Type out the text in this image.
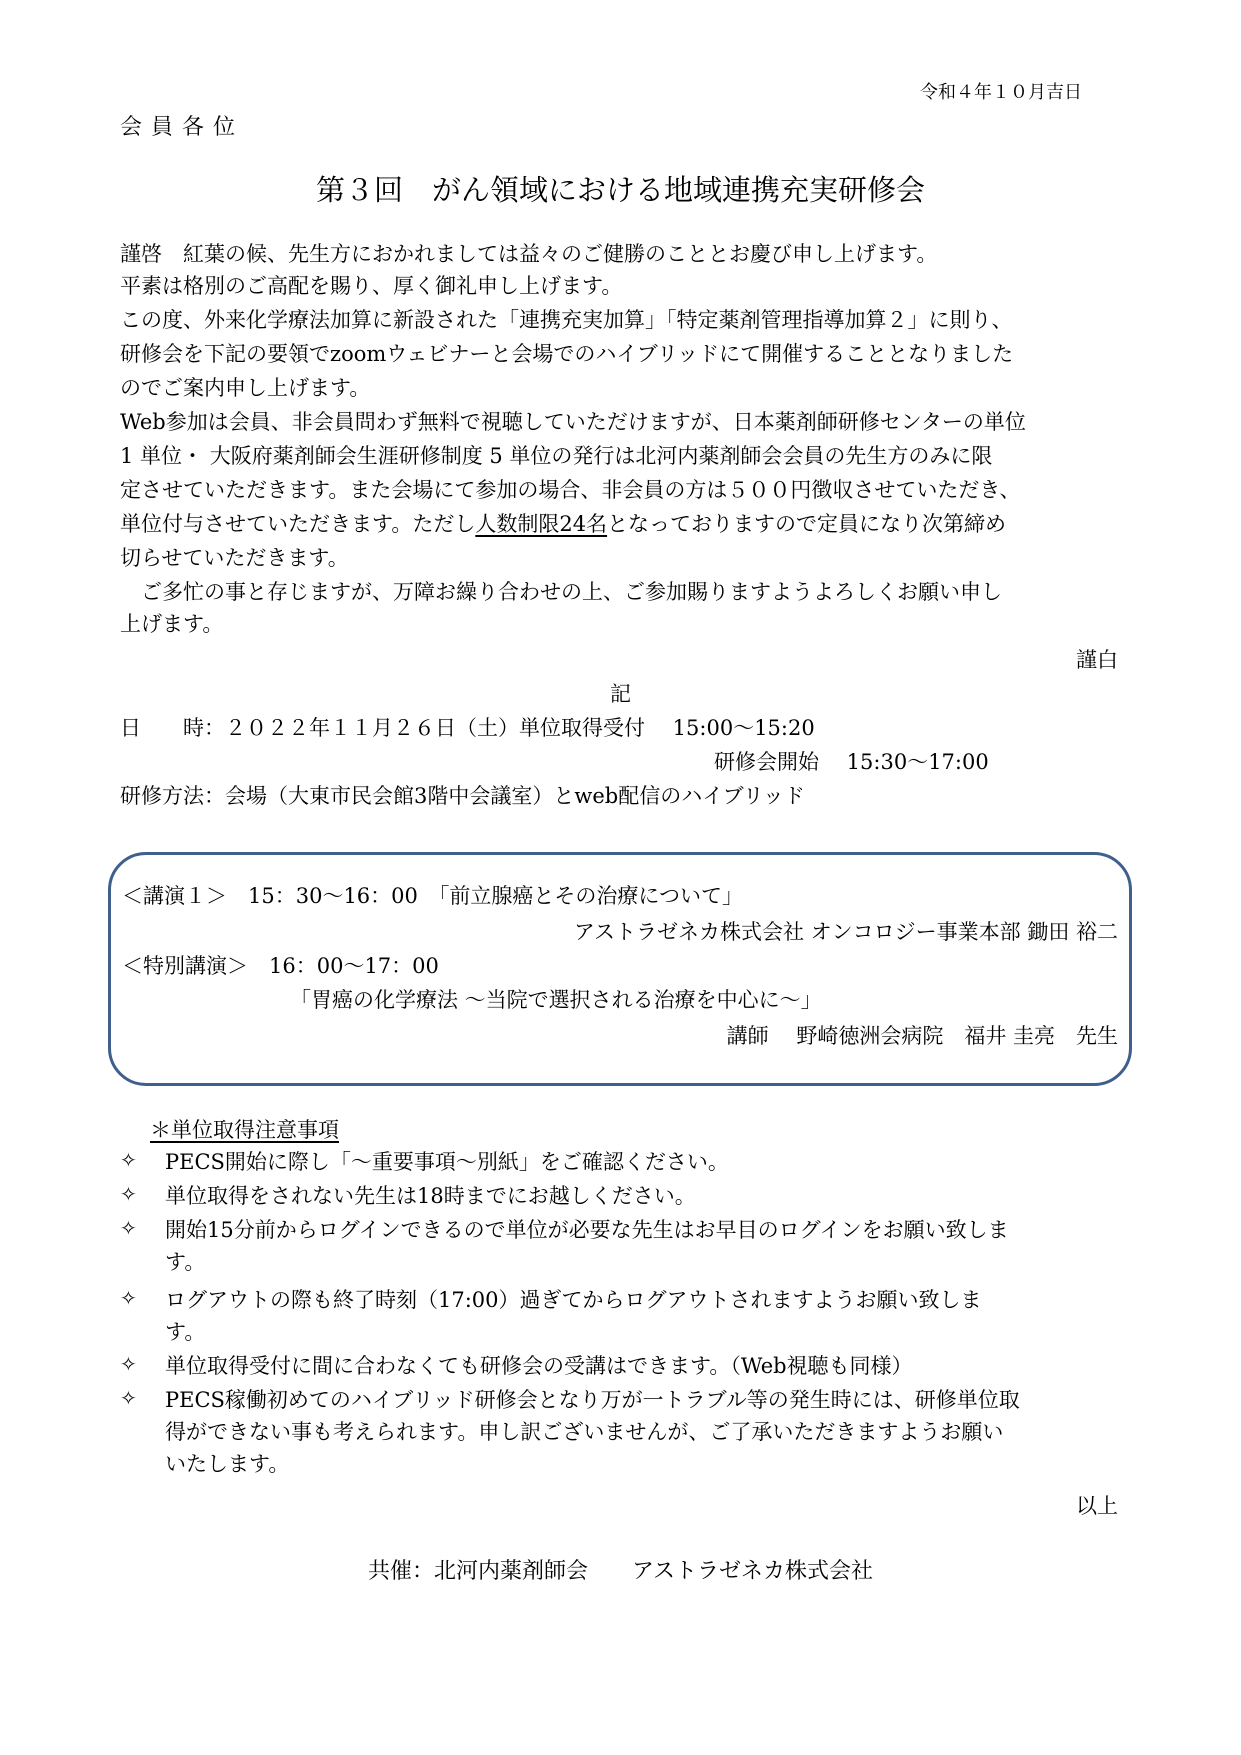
令和４年１０月吉日
会員各位
第３回　がん領域における地域連携充実研修会
謹啓　紅葉の候、先生方におかれましては益々のご健勝のこととお慶び申し上げます。
平素は格別のご高配を賜り、厚く御礼申し上げます。
この度、外来化学療法加算に新設された「連携充実加算」「特定薬剤管理指導加算２」に則り、
研修会を下記の要領でzoomウェビナーと会場でのハイブリッドにて開催することとなりました
のでご案内申し上げます。
Web参加は会員、非会員問わず無料で視聴していただけますが、日本薬剤師研修センターの単位
1 単位・ 大阪府薬剤師会生涯研修制度 5 単位の発行は北河内薬剤師会会員の先生方のみに限
定させていただきます。また会場にて参加の場合、非会員の方は５００円徴収させていただき、
単位付与させていただきます。ただし人数制限24名となっておりますので定員になり次第締め
切らせていただきます。
　ご多忙の事と存じますが、万障お繰り合わせの上、ご参加賜りますようよろしくお願い申し
上げます。
謹白
記
日　　時：２０２２年１１月２６日（土）単位取得受付　 15:00～15:20
研修会開始　 15:30～17:00
研修方法：会場（大東市民会館3階中会議室）とweb配信のハイブリッド
＜講演１＞　15：30～16：00　「前立腺癌とその治療について」
アストラゼネカ株式会社 オンコロジー事業本部 鋤田 裕二
＜特別講演＞　16：00～17：00
「胃癌の化学療法 ～当院で選択される治療を中心に～」
講師　 野崎徳洲会病院　福井 圭亮　先生
＊単位取得注意事項
✧ PECS開始に際し「～重要事項～別紙」をご確認ください。
✧ 単位取得をされない先生は18時までにお越しください。
✧ 開始15分前からログインできるので単位が必要な先生はお早目のログインをお願い致しま
す。
✧ ログアウトの際も終了時刻（17:00）過ぎてからログアウトされますようお願い致しま
す。
✧ 単位取得受付に間に合わなくても研修会の受講はできます。（Web視聴も同様）
✧ PECS稼働初めてのハイブリッド研修会となり万が一トラブル等の発生時には、研修単位取
得ができない事も考えられます。申し訳ございませんが、ご了承いただきますようお願い
いたします。
以上
共催：北河内薬剤師会　　アストラゼネカ株式会社
